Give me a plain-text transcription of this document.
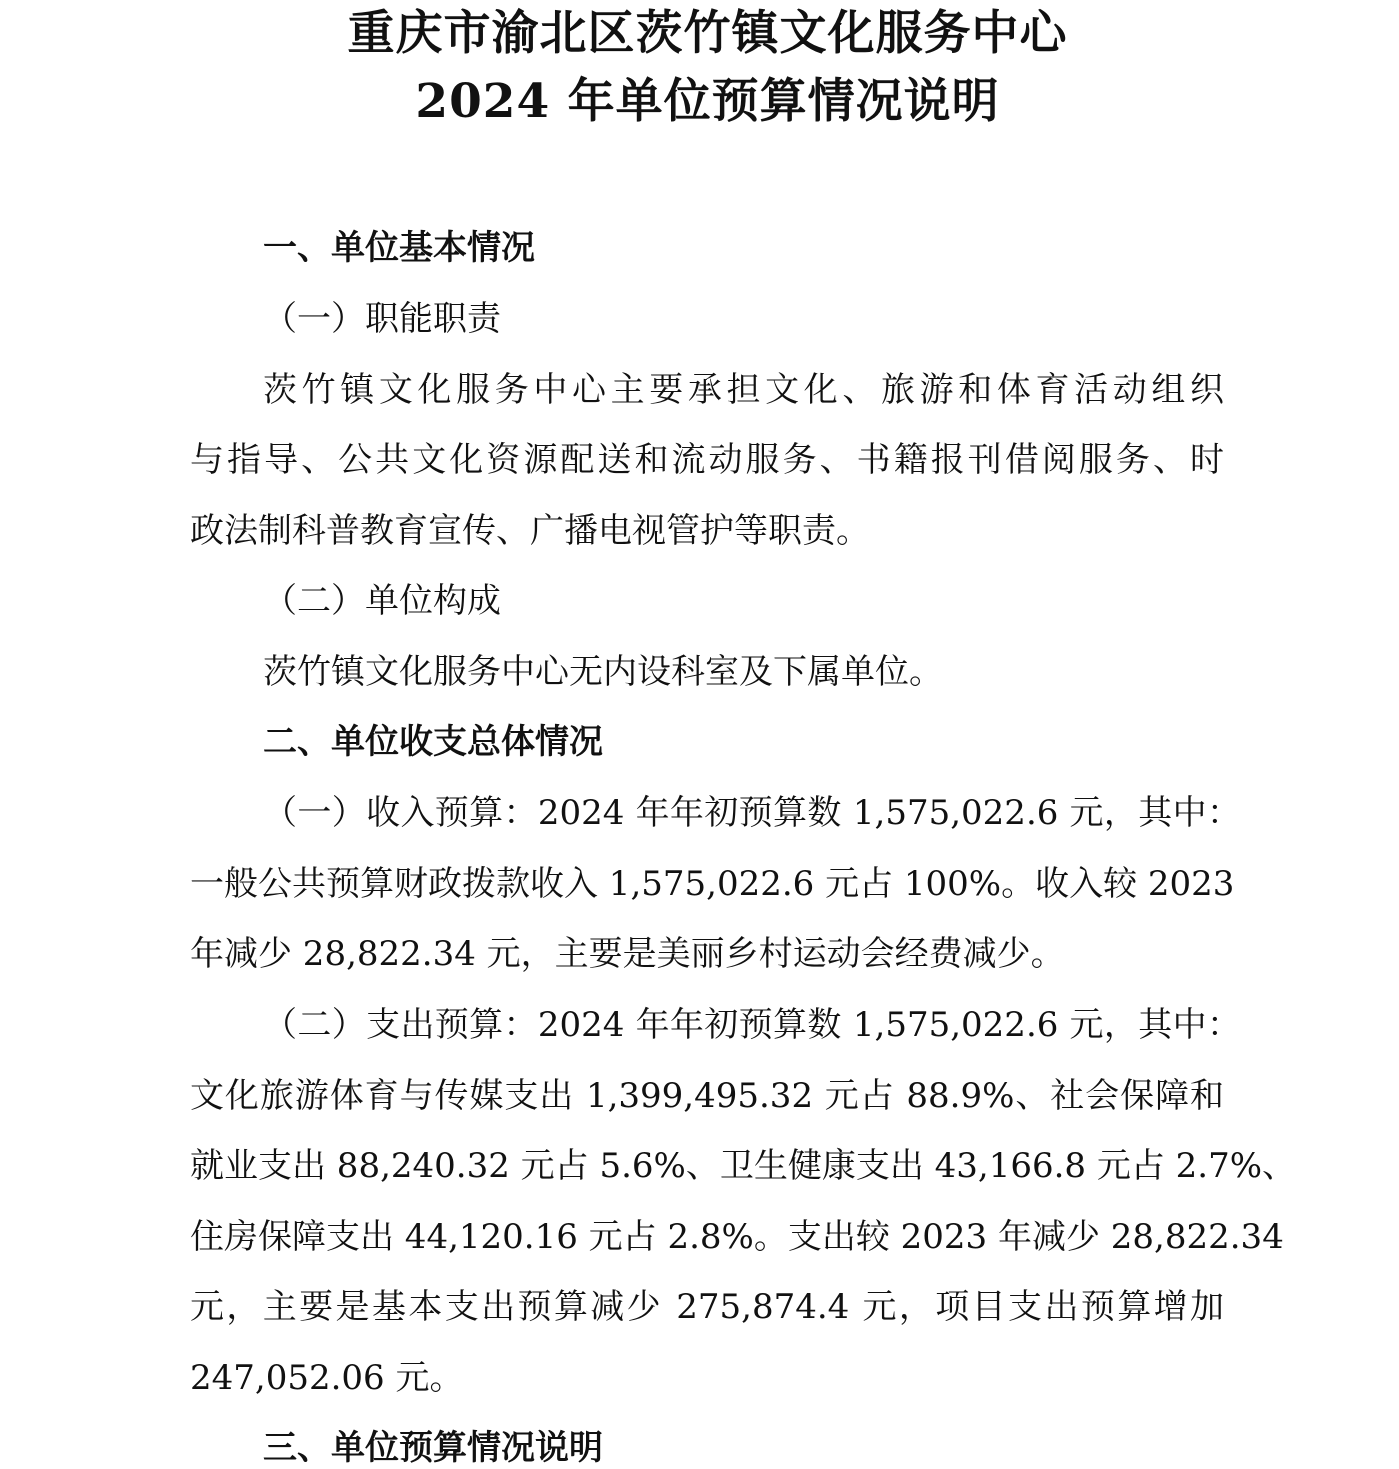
重庆市渝北区茨竹镇文化服务中心
2024 年单位预算情况说明
一、单位基本情况
（一）职能职责
茨竹镇文化服务中心主要承担文化、旅游和体育活动组织
与指导、公共文化资源配送和流动服务、书籍报刊借阅服务、时
政法制科普教育宣传、广播电视管护等职责。
（二）单位构成
茨竹镇文化服务中心无内设科室及下属单位。
二、单位收支总体情况
（一）收入预算：2024 年年初预算数 1,575,022.6 元，其中：
一般公共预算财政拨款收入 1,575,022.6 元占 100%。收入较 2023
年减少 28,822.34 元，主要是美丽乡村运动会经费减少。
（二）支出预算：2024 年年初预算数 1,575,022.6 元，其中：
文化旅游体育与传媒支出 1,399,495.32 元占 88.9%、社会保障和
就业支出 88,240.32 元占 5.6%、卫生健康支出 43,166.8 元占 2.7%、
住房保障支出 44,120.16 元占 2.8%。支出较 2023 年减少 28,822.34
元，主要是基本支出预算减少 275,874.4 元，项目支出预算增加
247,052.06 元。
三、单位预算情况说明
